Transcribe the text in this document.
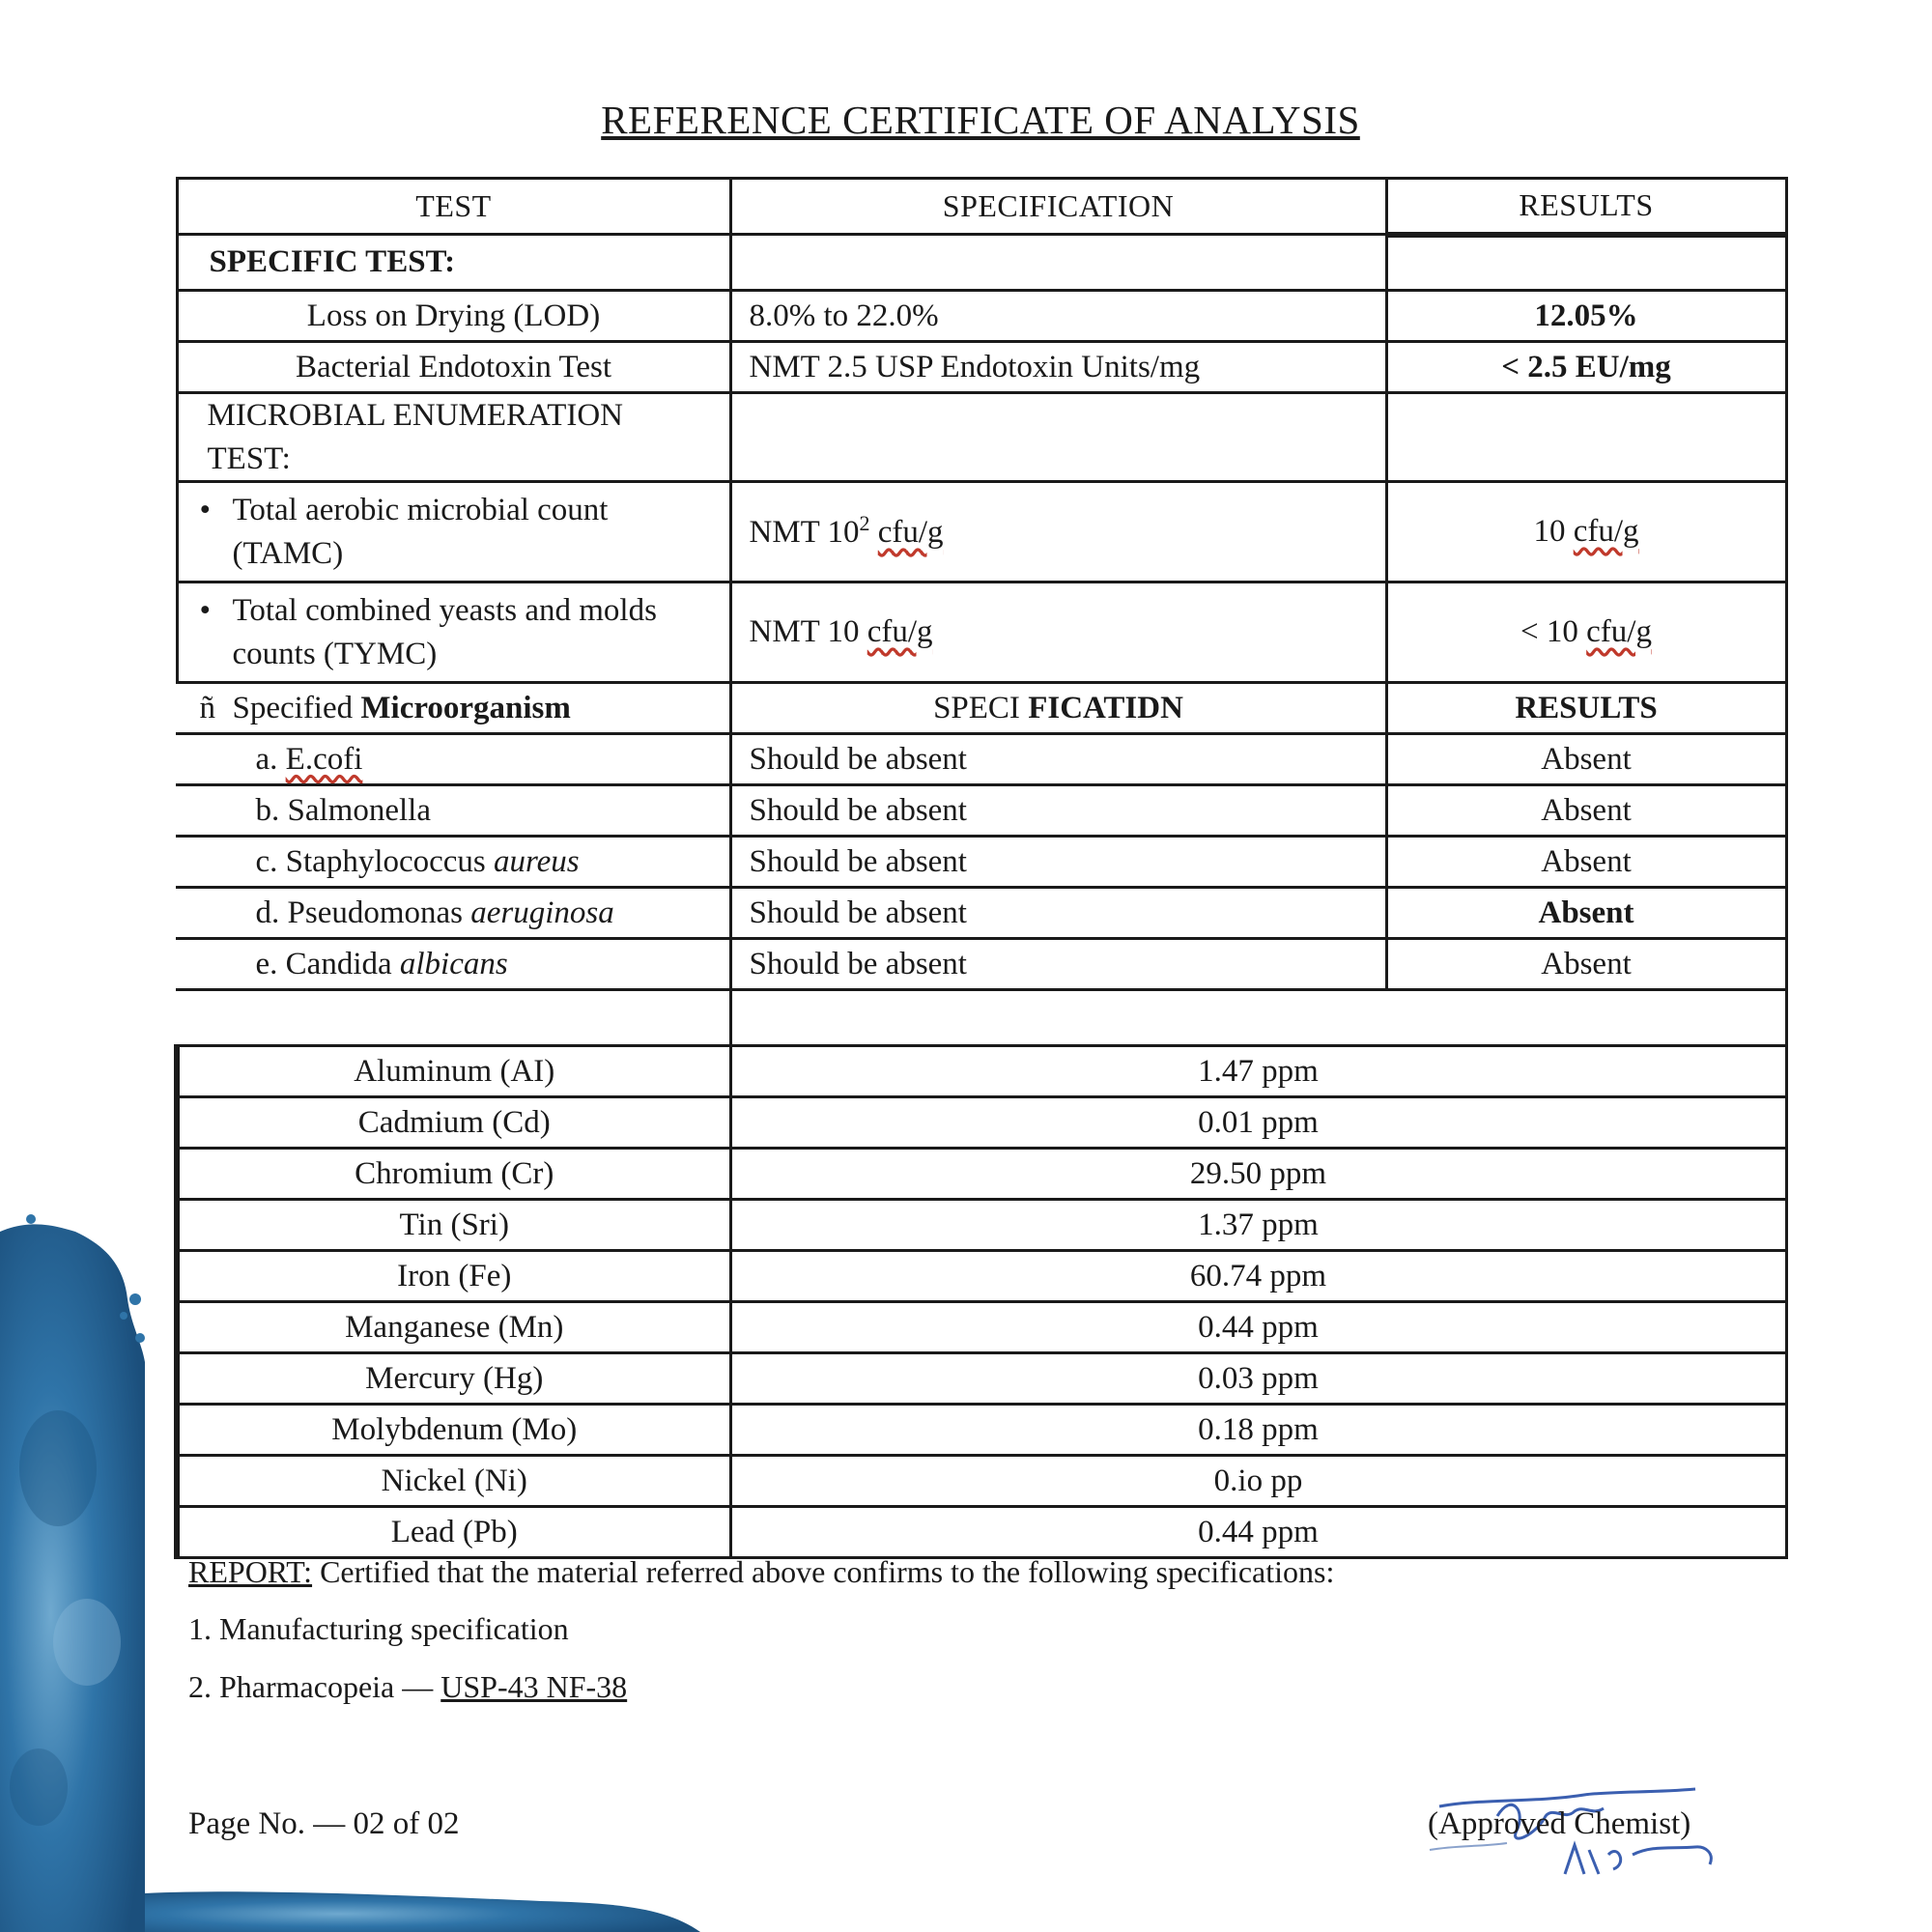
REFERENCE CERTIFICATE OF ANALYSIS
TEST	SPECIFICATION	RESULTS
SPECIFIC TEST:		
Loss on Drying (LOD)	8.0% to 22.0%	12.05%
Bacterial Endotoxin Test	NMT 2.5 USP Endotoxin Units/mg	< 2.5 EU/mg
MICROBIAL ENUMERATION TEST:		

• Total aerobic microbial count (TAMC)	NMT $10^2$ cfu/g	10 cfu/g

• Total combined yeasts and molds counts (TYMC)	NMT 10 cfu/g	< 10 cfu/g

ñ Specified Microorganism	SPECI FICATIDN	RESULTS
a. E.cofi	Should be absent	Absent
b. Salmonella	Should be absent	Absent
c. Staphylococcus aureus	Should be absent	Absent
d. Pseudomonas aeruginosa	Should be absent	Absent
e. Candida albicans	Should be absent	Absent

Aluminum (AI)	1.47 ppm	
Cadmium (Cd)	0.01 ppm	
Chromium (Cr)	29.50 ppm	
Tin (Sri)	1.37 ppm	
Iron (Fe)	60.74 ppm	
Manganese (Mn)	0.44 ppm	
Mercury (Hg)	0.03 ppm	
Molybdenum (Mo)	0.18 ppm	
Nickel (Ni)	0.io pp	
Lead (Pb)	0.44 ppm	
REPORT: Certified that the material referred above confirms to the following specifications:
1. Manufacturing specification
2. Pharmacopeia — USP-43 NF-38
Page No. — 02 of 02	(Approved Chemist)
